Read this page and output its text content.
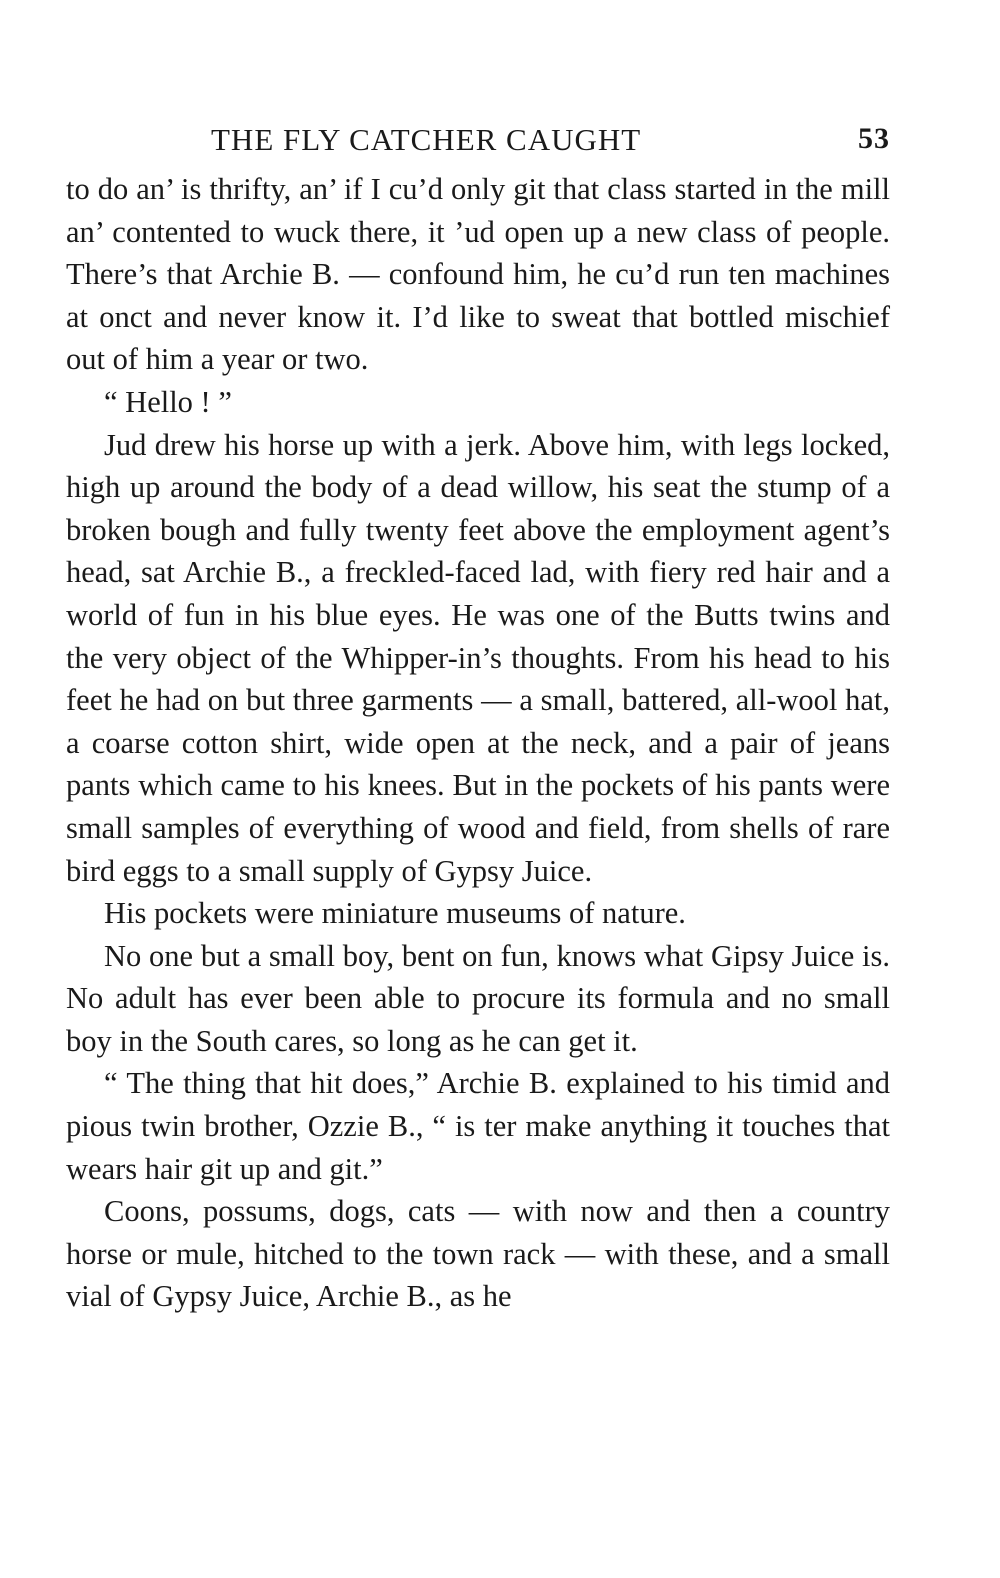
THE FLY CATCHER CAUGHT	53

to do an’ is thrifty, an’ if I cu’d only git that class started in the mill an’ contented to wuck there, it ’ud open up a new class of people. There’s that Archie B. — confound him, he cu’d run ten machines at onct and never know it. I’d like to sweat that bottled mischief out of him a year or two.

“ Hello ! ”

Jud drew his horse up with a jerk. Above him, with legs locked, high up around the body of a dead willow, his seat the stump of a broken bough and fully twenty feet above the employment agent’s head, sat Archie B., a freckled-faced lad, with fiery red hair and a world of fun in his blue eyes. He was one of the Butts twins and the very object of the Whipper-in’s thoughts. From his head to his feet he had on but three garments — a small, battered, all-wool hat, a coarse cotton shirt, wide open at the neck, and a pair of jeans pants which came to his knees. But in the pockets of his pants were small samples of everything of wood and field, from shells of rare bird eggs to a small supply of Gypsy Juice.

His pockets were miniature museums of nature.

No one but a small boy, bent on fun, knows what Gipsy Juice is. No adult has ever been able to procure its formula and no small boy in the South cares, so long as he can get it.

“ The thing that hit does,” Archie B. explained to his timid and pious twin brother, Ozzie B., “ is ter make anything it touches that wears hair git up and git.”

Coons, possums, dogs, cats — with now and then a country horse or mule, hitched to the town rack — with these, and a small vial of Gypsy Juice, Archie B., as he
